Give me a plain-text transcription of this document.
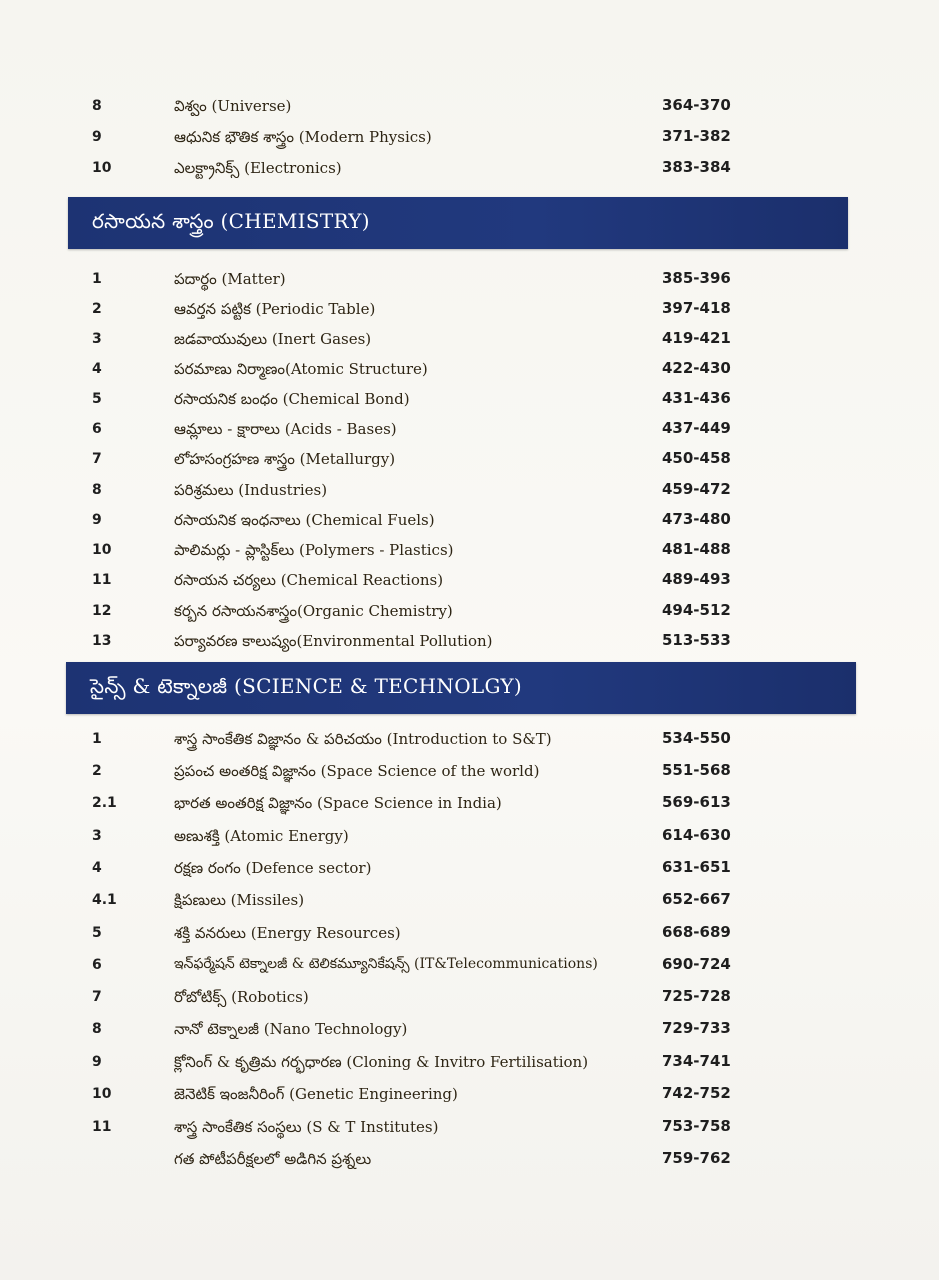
8	విశ్వం (Universe)	364-370
9	ఆధునిక భౌతిక శాస్త్రం (Modern Physics)	371-382
10	ఎలక్ట్రానిక్స్ (Electronics)	383-384
రసాయన శాస్త్రం (CHEMISTRY)
1	పదార్థం (Matter)	385-396
2	ఆవర్తన పట్టిక (Periodic Table)	397-418
3	జడవాయువులు (Inert Gases)	419-421
4	పరమాణు నిర్మాణం(Atomic Structure)	422-430
5	రసాయనిక బంధం (Chemical Bond)	431-436
6	ఆమ్లాలు - క్షారాలు (Acids - Bases)	437-449
7	లోహసంగ్రహణ శాస్త్రం (Metallurgy)	450-458
8	పరిశ్రమలు (Industries)	459-472
9	రసాయనిక ఇంధనాలు (Chemical Fuels)	473-480
10	పాలిమర్లు - ప్లాస్టిక్‌లు (Polymers - Plastics)	481-488
11	రసాయన చర్యలు (Chemical Reactions)	489-493
12	కర్బన రసాయనశాస్త్రం(Organic Chemistry)	494-512
13	పర్యావరణ కాలుష్యం(Environmental Pollution)	513-533
సైన్స్ & టెక్నాలజీ (SCIENCE & TECHNOLGY)
1	శాస్త్ర సాంకేతిక విజ్ఞానం & పరిచయం (Introduction to S&T)	534-550
2	ప్రపంచ అంతరిక్ష విజ్ఞానం (Space Science of the world)	551-568
2.1	భారత అంతరిక్ష విజ్ఞానం (Space Science in India)	569-613
3	అణుశక్తి (Atomic Energy)	614-630
4	రక్షణ రంగం (Defence sector)	631-651
4.1	క్షిపణులు (Missiles)	652-667
5	శక్తి వనరులు (Energy Resources)	668-689
6	ఇన్‌ఫర్మేషన్ టెక్నాలజీ & టెలికమ్యూనికేషన్స్ (IT&Telecommunications)	690-724
7	రోబోటిక్స్ (Robotics)	725-728
8	నానో టెక్నాలజీ (Nano Technology)	729-733
9	క్లోనింగ్ & కృత్రిమ గర్భధారణ (Cloning & Invitro Fertilisation)	734-741
10	జెనెటిక్ ఇంజనీరింగ్ (Genetic Engineering)	742-752
11	శాస్త్ర సాంకేతిక సంస్థలు (S & T Institutes)	753-758
గత పోటీపరీక్షలలో అడిగిన ప్రశ్నలు	759-762
